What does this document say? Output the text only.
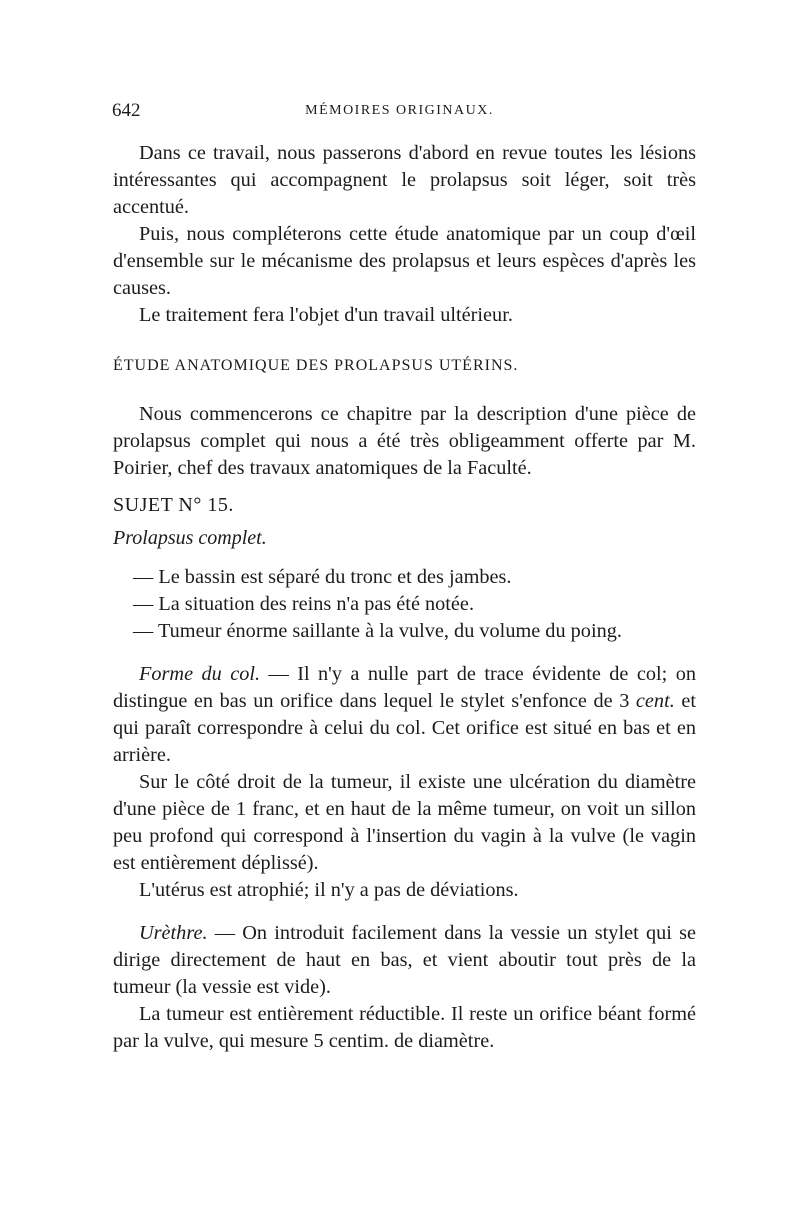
642	MÉMOIRES ORIGINAUX.

Dans ce travail, nous passerons d'abord en revue toutes les lésions intéressantes qui accompagnent le prolapsus soit léger, soit très accentué.

Puis, nous compléterons cette étude anatomique par un coup d'œil d'ensemble sur le mécanisme des prolapsus et leurs espèces d'après les causes.

Le traitement fera l'objet d'un travail ultérieur.

ÉTUDE ANATOMIQUE DES PROLAPSUS UTÉRINS.

Nous commencerons ce chapitre par la description d'une pièce de prolapsus complet qui nous a été très obligeamment offerte par M. Poirier, chef des travaux anatomiques de la Faculté.

SUJET N° 15.

Prolapsus complet.

— Le bassin est séparé du tronc et des jambes.

— La situation des reins n'a pas été notée.

— Tumeur énorme saillante à la vulve, du volume du poing.

Forme du col. — Il n'y a nulle part de trace évidente de col; on distingue en bas un orifice dans lequel le stylet s'enfonce de 3 cent. et qui paraît correspondre à celui du col. Cet orifice est situé en bas et en arrière.

Sur le côté droit de la tumeur, il existe une ulcération du diamètre d'une pièce de 1 franc, et en haut de la même tumeur, on voit un sillon peu profond qui correspond à l'insertion du vagin à la vulve (le vagin est entièrement déplissé).

L'utérus est atrophié; il n'y a pas de déviations.

Urèthre. — On introduit facilement dans la vessie un stylet qui se dirige directement de haut en bas, et vient aboutir tout près de la tumeur (la vessie est vide).

La tumeur est entièrement réductible. Il reste un orifice béant formé par la vulve, qui mesure 5 centim. de diamètre.
